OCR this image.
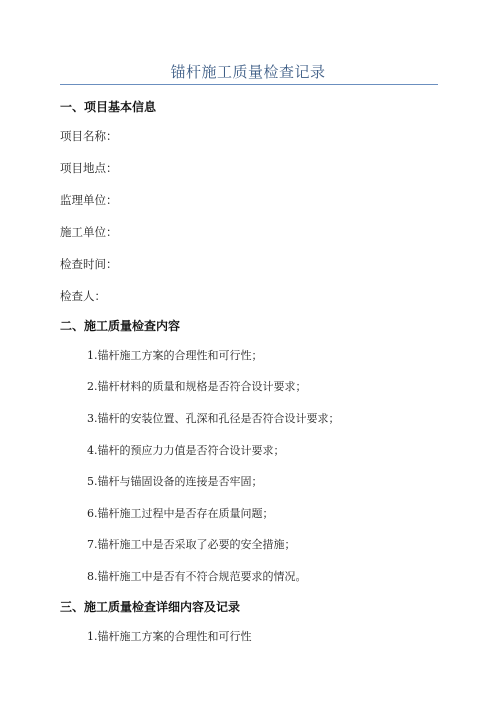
锚杆施工质量检查记录
一、项目基本信息
项目名称：
项目地点：
监理单位：
施工单位：
检查时间：
检查人：
二、施工质量检查内容
1.锚杆施工方案的合理性和可行性；
2.锚杆材料的质量和规格是否符合设计要求；
3.锚杆的安装位置、孔深和孔径是否符合设计要求；
4.锚杆的预应力力值是否符合设计要求；
5.锚杆与锚固设备的连接是否牢固；
6.锚杆施工过程中是否存在质量问题；
7.锚杆施工中是否采取了必要的安全措施；
8.锚杆施工中是否有不符合规范要求的情况。
三、施工质量检查详细内容及记录
1.锚杆施工方案的合理性和可行性
